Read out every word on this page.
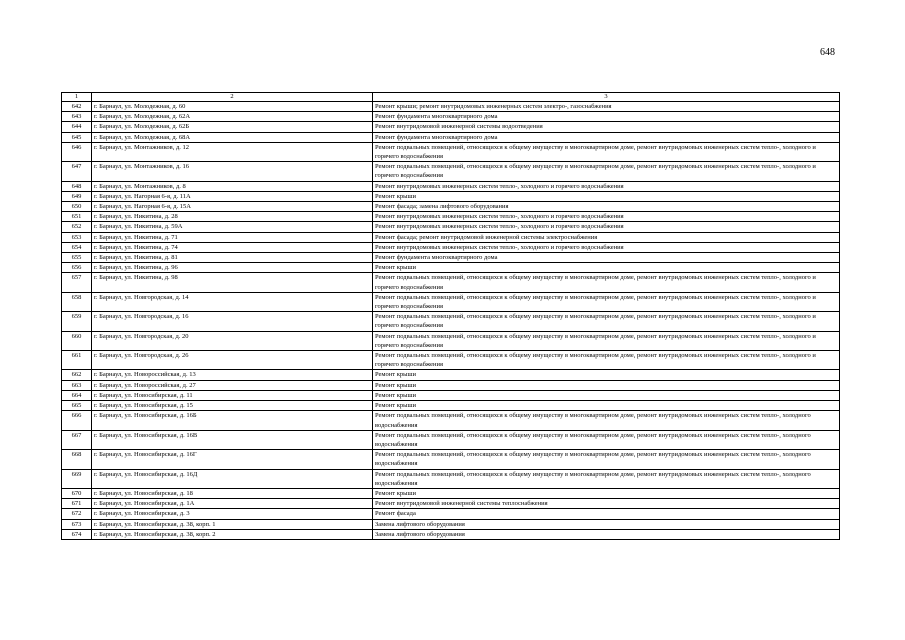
648
1	2	3
642	г. Барнаул, ул. Молодежная, д. 60	Ремонт крыши; ремонт внутридомовых инженерных систем электро-, газоснабжения
643	г. Барнаул, ул. Молодежная, д. 62А	Ремонт фундамента многоквартирного дома
644	г. Барнаул, ул. Молодежная, д. 62Б	Ремонт внутридомовой инженерной системы водоотведения
645	г. Барнаул, ул. Молодежная, д. 68А	Ремонт фундамента многоквартирного дома
646	г. Барнаул, ул. Монтажников, д. 12	Ремонт подвальных помещений, относящихся к общему имуществу в многоквартирном доме, ремонт внутридомовых инженерных систем тепло-, холодного и горячего водоснабжения
647	г. Барнаул, ул. Монтажников, д. 16	Ремонт подвальных помещений, относящихся к общему имуществу в многоквартирном доме, ремонт внутридомовых инженерных систем тепло-, холодного и горячего водоснабжения
648	г. Барнаул, ул. Монтажников, д. 8	Ремонт внутридомовых инженерных систем тепло-, холодного и горячего водоснабжения
649	г. Барнаул, ул. Нагорная 6-я, д. 11А	Ремонт крыши
650	г. Барнаул, ул. Нагорная 6-я, д. 15А	Ремонт фасада; замена лифтового оборудования
651	г. Барнаул, ул. Никитина, д. 28	Ремонт внутридомовых инженерных систем тепло-, холодного и горячего водоснабжения
652	г. Барнаул, ул. Никитина, д. 59А	Ремонт внутридомовых инженерных систем тепло-, холодного и горячего водоснабжения
653	г. Барнаул, ул. Никитина, д. 71	Ремонт фасада; ремонт внутридомовой инженерной системы электроснабжения
654	г. Барнаул, ул. Никитина, д. 74	Ремонт внутридомовых инженерных систем тепло-, холодного и горячего водоснабжения
655	г. Барнаул, ул. Никитина, д. 81	Ремонт фундамента многоквартирного дома
656	г. Барнаул, ул. Никитина, д. 96	Ремонт крыши
657	г. Барнаул, ул. Никитина, д. 98	Ремонт подвальных помещений, относящихся к общему имуществу в многоквартирном доме, ремонт внутридомовых инженерных систем тепло-, холодного и горячего водоснабжения
658	г. Барнаул, ул. Новгородская, д. 14	Ремонт подвальных помещений, относящихся к общему имуществу в многоквартирном доме, ремонт внутридомовых инженерных систем тепло-, холодного и горячего водоснабжения
659	г. Барнаул, ул. Новгородская, д. 16	Ремонт подвальных помещений, относящихся к общему имуществу в многоквартирном доме, ремонт внутридомовых инженерных систем тепло-, холодного и горячего водоснабжения
660	г. Барнаул, ул. Новгородская, д. 20	Ремонт подвальных помещений, относящихся к общему имуществу в многоквартирном доме, ремонт внутридомовых инженерных систем тепло-, холодного и горячего водоснабжения
661	г. Барнаул, ул. Новгородская, д. 26	Ремонт подвальных помещений, относящихся к общему имуществу в многоквартирном доме, ремонт внутридомовых инженерных систем тепло-, холодного и горячего водоснабжения
662	г. Барнаул, ул. Новороссийская, д. 13	Ремонт крыши
663	г. Барнаул, ул. Новороссийская, д. 27	Ремонт крыши
664	г. Барнаул, ул. Новосибирская, д. 11	Ремонт крыши
665	г. Барнаул, ул. Новосибирская, д. 15	Ремонт крыши
666	г. Барнаул, ул. Новосибирская, д. 16Б	Ремонт подвальных помещений, относящихся к общему имуществу в многоквартирном доме, ремонт внутридомовых инженерных систем тепло-, холодного водоснабжения
667	г. Барнаул, ул. Новосибирская, д. 16В	Ремонт подвальных помещений, относящихся к общему имуществу в многоквартирном доме, ремонт внутридомовых инженерных систем тепло-, холодного водоснабжения
668	г. Барнаул, ул. Новосибирская, д. 16Г	Ремонт подвальных помещений, относящихся к общему имуществу в многоквартирном доме, ремонт внутридомовых инженерных систем тепло-, холодного водоснабжения
669	г. Барнаул, ул. Новосибирская, д. 16Д	Ремонт подвальных помещений, относящихся к общему имуществу в многоквартирном доме, ремонт внутридомовых инженерных систем тепло-, холодного водоснабжения
670	г. Барнаул, ул. Новосибирская, д. 18	Ремонт крыши
671	г. Барнаул, ул. Новосибирская, д. 1А	Ремонт внутридомовой инженерной системы теплоснабжения
672	г. Барнаул, ул. Новосибирская, д. 3	Ремонт фасада
673	г. Барнаул, ул. Новосибирская, д. 38, корп. 1	Замена лифтового оборудования
674	г. Барнаул, ул. Новосибирская, д. 38, корп. 2	Замена лифтового оборудования
